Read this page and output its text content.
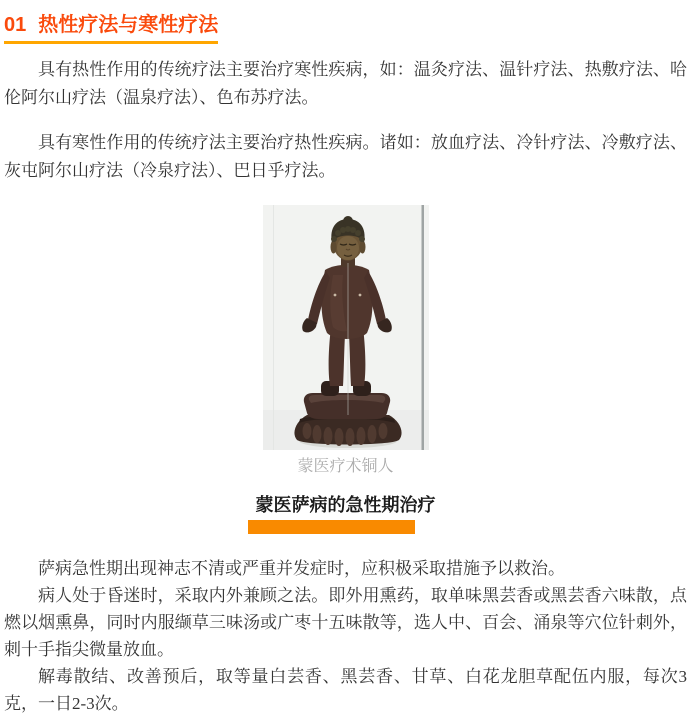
01 热性疗法与寒性疗法

具有热性作用的传统疗法主要治疗寒性疾病，如：温灸疗法、温针疗法、热敷疗法、哈伦阿尔山疗法（温泉疗法）、色布苏疗法。

具有寒性作用的传统疗法主要治疗热性疾病。诸如：放血疗法、冷针疗法、冷敷疗法、灰屯阿尔山疗法（冷泉疗法）、巴日乎疗法。

蒙医疗术铜人
蒙医萨病的急性期治疗

萨病急性期出现神志不清或严重并发症时，应积极采取措施予以救治。

病人处于昏迷时，采取内外兼顾之法。即外用熏药，取单味黑芸香或黑芸香六味散，点燃以烟熏鼻，同时内服缬草三味汤或广枣十五味散等，选人中、百会、涌泉等穴位针刺外，刺十手指尖微量放血。

解毒散结、改善预后，取等量白芸香、黑芸香、甘草、白花龙胆草配伍内服，每次3克，一日2-3次。
